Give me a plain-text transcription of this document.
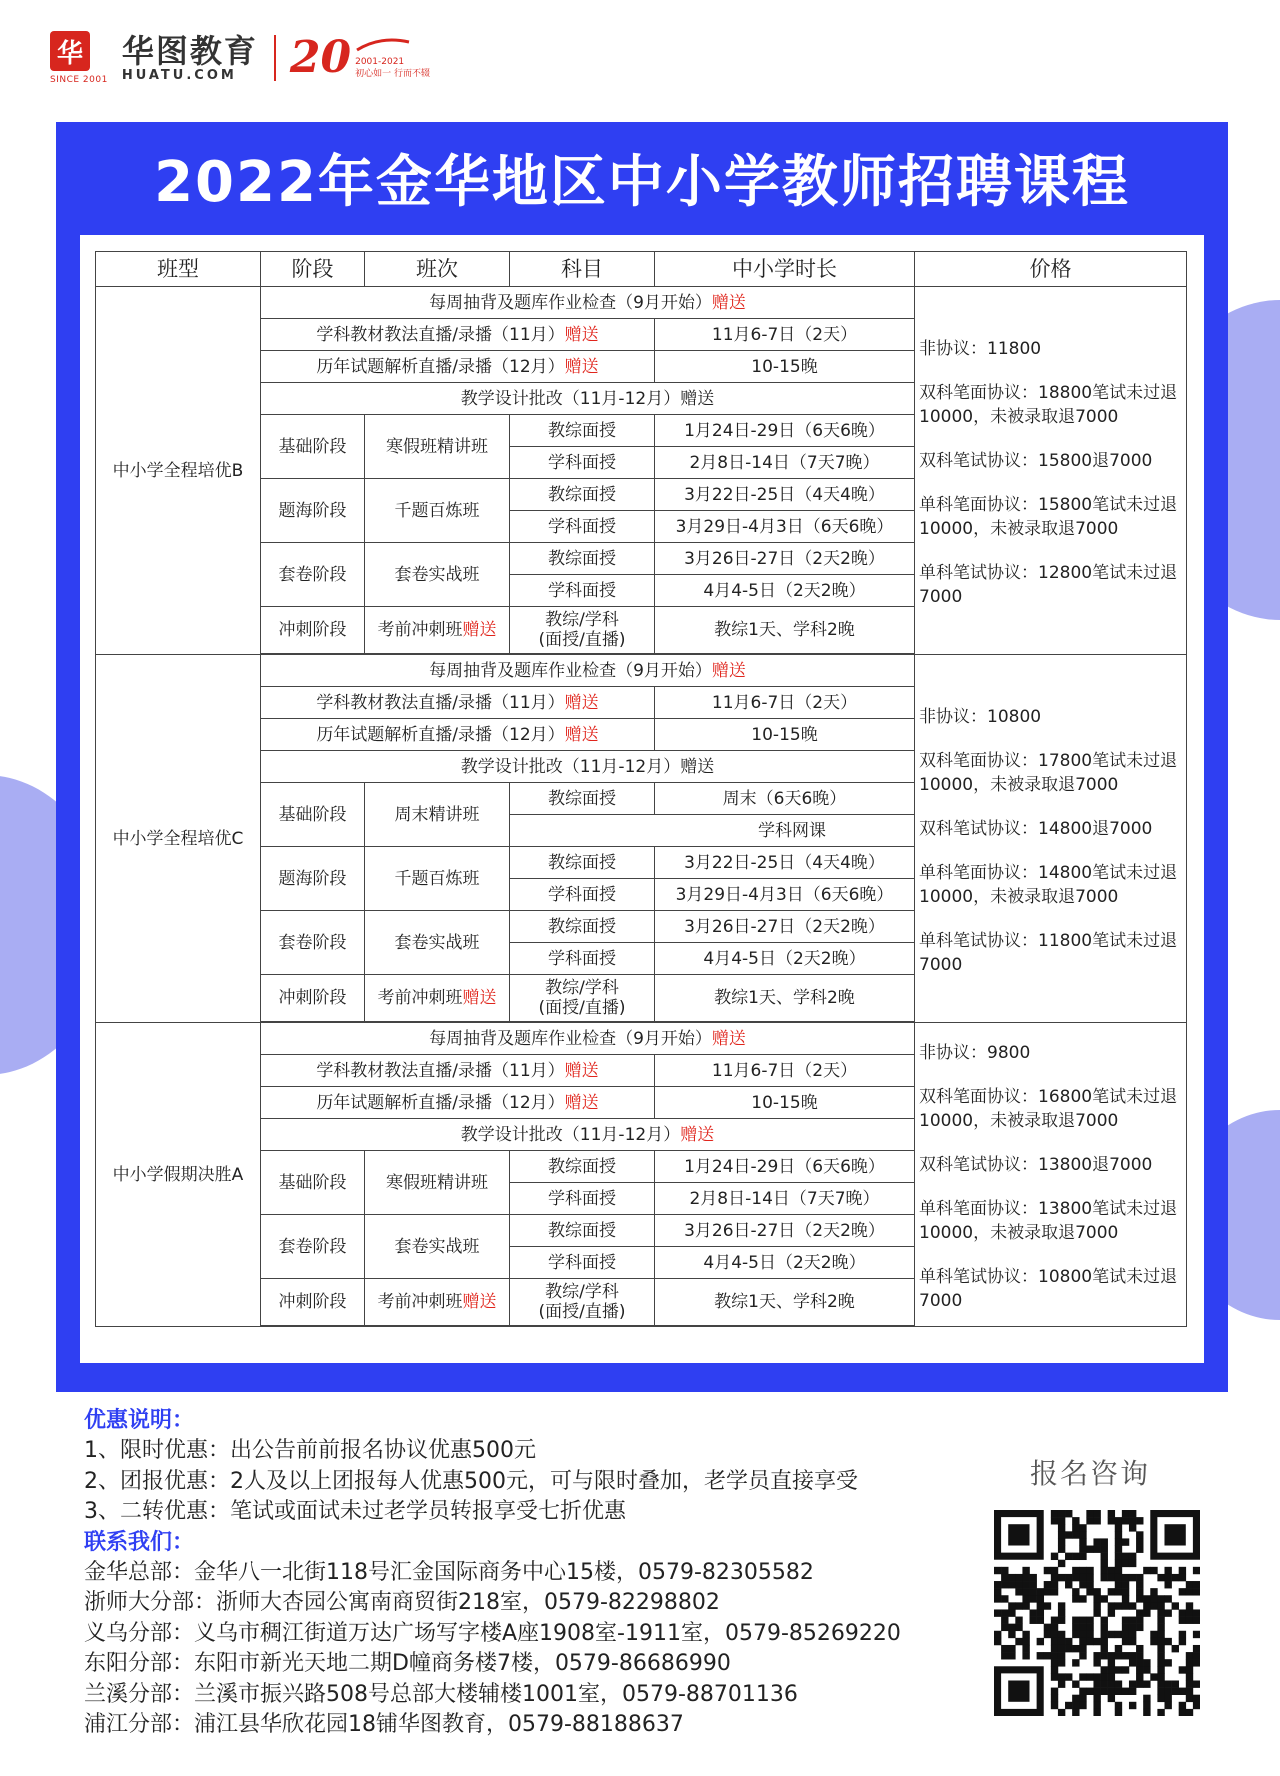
华
SINCE 2001
华图教育
HUATU.COM	20 2001-2021
初心如一 行而不辍
2022年金华地区中小学教师招聘课程
班型	阶段	班次	科目	中小学时长	价格
中小学全程培优B	每周抽背及题库作业检查（9月开始）赠送				非协议：11800
双科笔面协议：18800笔试未过退10000，未被录取退7000
双科笔试协议：15800退7000
单科笔面协议：15800笔试未过退10000，未被录取退7000
单科笔试协议：12800笔试未过退7000

	学科教材教法直播/录播（11月）赠送			11月6-7日（2天）	
	历年试题解析直播/录播（12月）赠送			10-15晚	
	教学设计批改（11月-12月）赠送				
	基础阶段	寒假班精讲班	教综面授	1月24日-29日（6天6晚）	
			学科面授	2月8日-14日（7天7晚）	
	题海阶段	千题百炼班	教综面授	3月22日-25日（4天4晚）	
			学科面授	3月29日-4月3日（6天6晚）	
	套卷阶段	套卷实战班	教综面授	3月26日-27日（2天2晚）	
			学科面授	4月4-5日（2天2晚）	
	冲刺阶段	考前冲刺班赠送	教综/学科
(面授/直播)	教综1天、学科2晚	

中小学全程培优C	每周抽背及题库作业检查（9月开始）赠送				非协议：10800
双科笔面协议：17800笔试未过退10000，未被录取退7000
双科笔试协议：14800退7000
单科笔面协议：14800笔试未过退10000，未被录取退7000
单科笔试协议：11800笔试未过退7000

	学科教材教法直播/录播（11月）赠送			11月6-7日（2天）	
	历年试题解析直播/录播（12月）赠送			10-15晚	
	教学设计批改（11月-12月）赠送				
	基础阶段	周末精讲班	教综面授	周末（6天6晚）	
			学科网课		
	题海阶段	千题百炼班	教综面授	3月22日-25日（4天4晚）	
			学科面授	3月29日-4月3日（6天6晚）	
	套卷阶段	套卷实战班	教综面授	3月26日-27日（2天2晚）	
			学科面授	4月4-5日（2天2晚）	
	冲刺阶段	考前冲刺班赠送	教综/学科
(面授/直播)	教综1天、学科2晚	

中小学假期决胜A	每周抽背及题库作业检查（9月开始）赠送				非协议：9800
双科笔面协议：16800笔试未过退10000，未被录取退7000
双科笔试协议：13800退7000
单科笔面协议：13800笔试未过退10000，未被录取退7000
单科笔试协议：10800笔试未过退7000

	学科教材教法直播/录播（11月）赠送			11月6-7日（2天）	
	历年试题解析直播/录播（12月）赠送			10-15晚	
	教学设计批改（11月-12月）赠送				
	基础阶段	寒假班精讲班	教综面授	1月24日-29日（6天6晚）	
			学科面授	2月8日-14日（7天7晚）	
	套卷阶段	套卷实战班	教综面授	3月26日-27日（2天2晚）	
			学科面授	4月4-5日（2天2晚）	
	冲刺阶段	考前冲刺班赠送	教综/学科
(面授/直播)	教综1天、学科2晚	

优惠说明：
1、限时优惠：出公告前前报名协议优惠500元
2、团报优惠：2人及以上团报每人优惠500元，可与限时叠加，老学员直接享受
3、二转优惠：笔试或面试未过老学员转报享受七折优惠
联系我们：
金华总部：金华八一北街118号汇金国际商务中心15楼，0579-82305582
浙师大分部：浙师大杏园公寓南商贸街218室，0579-82298802
义乌分部：义乌市稠江街道万达广场写字楼A座1908室-1911室，0579-85269220
东阳分部：东阳市新光天地二期D幢商务楼7楼，0579-86686990
兰溪分部：兰溪市振兴路508号总部大楼辅楼1001室，0579-88701136
浦江分部：浦江县华欣花园18铺华图教育，0579-88188637
报名咨询
